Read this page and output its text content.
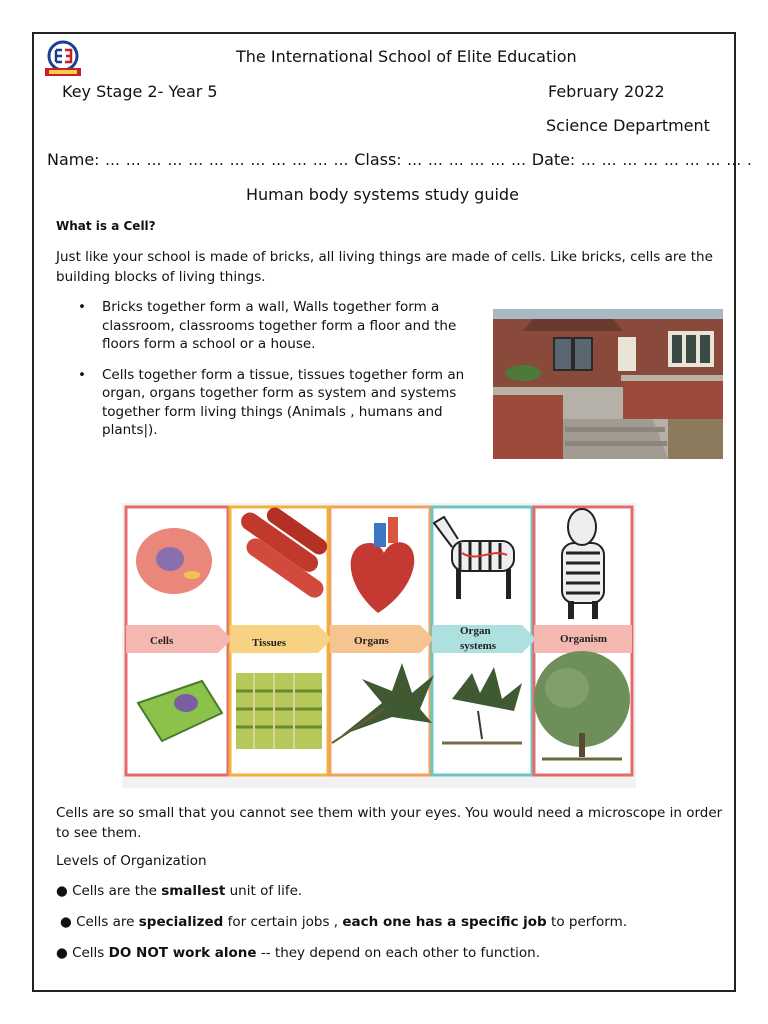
The International School of Elite Education
Key Stage 2- Year 5	February 2022
Science Department
Name: … … … … … … … … … … … … Class: … … … … … … Date: … … … … … … … … .
Human body systems study guide
What is a Cell?
Just like your school is made of bricks, all living things are made of cells. Like bricks, cells are the building blocks of living things.
• Bricks together form a wall, Walls together form a classroom, classrooms together form a floor and the floors form a school or a house.
• Cells together form a tissue, tissues together form an organ, organs together form as system and systems together form living things (Animals , humans and plants|).
Cells	Tissues	Organs
Organ
systems
Organism
Cells are so small that you cannot see them with your eyes. You would need a microscope in order to see them.
Levels of Organization
● Cells are the smallest unit of life.
● Cells are specialized for certain jobs , each one has a specific job to perform.
● Cells DO NOT work alone -- they depend on each other to function.
